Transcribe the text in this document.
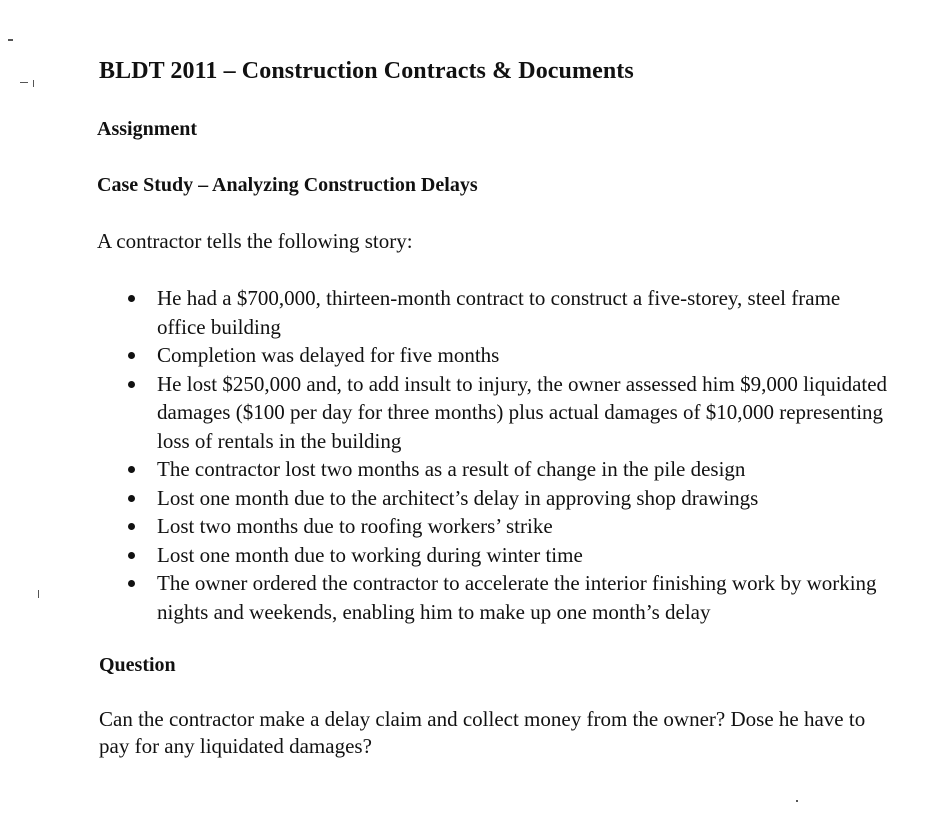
BLDT 2011 – Construction Contracts & Documents
Assignment
Case Study – Analyzing Construction Delays
A contractor tells the following story:
He had a $700,000, thirteen-month contract to construct a five-storey, steel frame office building
Completion was delayed for five months
He lost $250,000 and, to add insult to injury, the owner assessed him $9,000 liquidated damages ($100 per day for three months) plus actual damages of $10,000 representing loss of rentals in the building
The contractor lost two months as a result of change in the pile design
Lost one month due to the architect’s delay in approving shop drawings
Lost two months due to roofing workers’ strike
Lost one month due to working during winter time
The owner ordered the contractor to accelerate the interior finishing work by working nights and weekends, enabling him to make up one month’s delay
Question
Can the contractor make a delay claim and collect money from the owner? Dose he have to pay for any liquidated damages?
